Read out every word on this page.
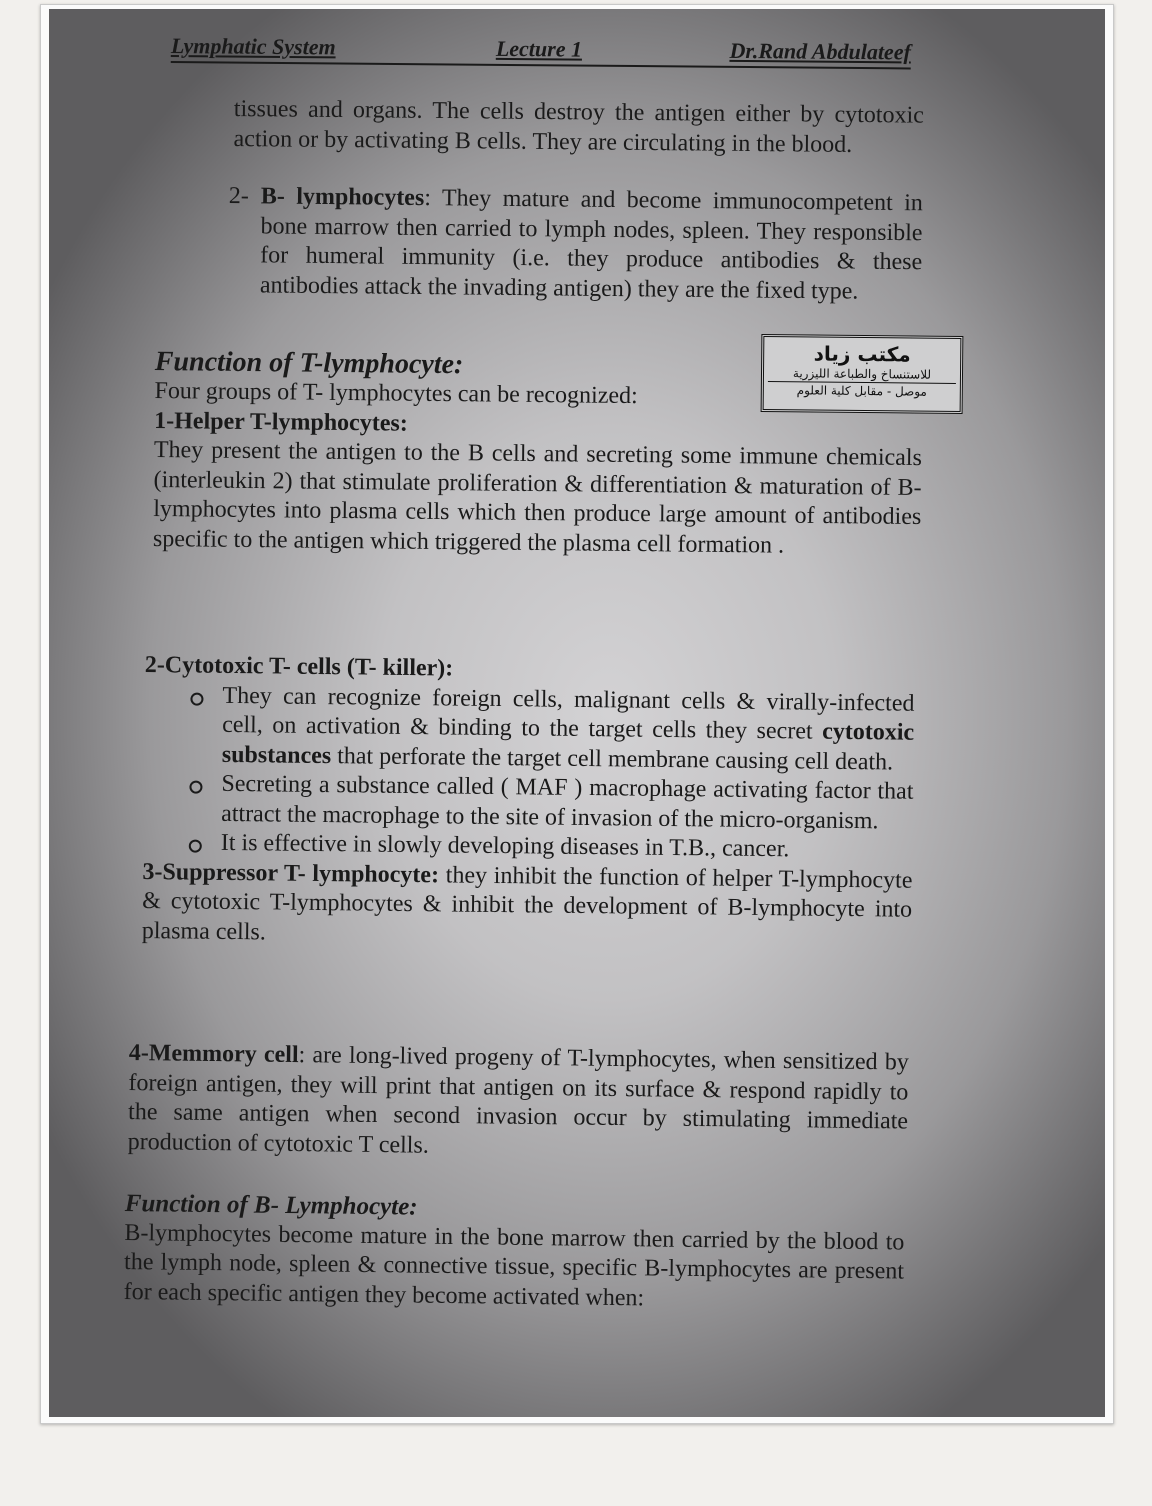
Lymphatic System	Lecture 1	Dr.Rand Abdulateef

tissues and organs. The cells destroy the antigen either by cytotoxic action or by activating B cells. They are circulating in the blood.

2- B- lymphocytes: They mature and become immunocompetent in bone marrow then carried to lymph nodes, spleen. They responsible for humeral immunity (i.e. they produce antibodies & these antibodies attack the invading antigen) they are the fixed type.

مكتب زياد
للاستنساخ والطباعة الليزرية
موصل - مقابل كلية العلوم

Function of T-lymphocyte:

Four groups of T- lymphocytes can be recognized:

1-Helper T-lymphocytes:

They present the antigen to the B cells and secreting some immune chemicals (interleukin 2) that stimulate proliferation & differentiation & maturation of B-lymphocytes into plasma cells which then produce large amount of antibodies specific to the antigen which triggered the plasma cell formation .

2-Cytotoxic T- cells (T- killer):

They can recognize foreign cells, malignant cells & virally-infected cell, on activation & binding to the target cells they secret cytotoxic substances that perforate the target cell membrane causing cell death.
Secreting a substance called ( MAF ) macrophage activating factor that attract the macrophage to the site of invasion of the micro-organism.
It is effective in slowly developing diseases in T.B., cancer.

3-Suppressor T- lymphocyte: they inhibit the function of helper T-lymphocyte & cytotoxic T-lymphocytes & inhibit the development of B-lymphocyte into plasma cells.

4-Memmory cell: are long-lived progeny of T-lymphocytes, when sensitized by foreign antigen, they will print that antigen on its surface & respond rapidly to the same antigen when second invasion occur by stimulating immediate production of cytotoxic T cells.

Function of B- Lymphocyte:

B-lymphocytes become mature in the bone marrow then carried by the blood to the lymph node, spleen & connective tissue, specific B-lymphocytes are present for each specific antigen they become activated when:
